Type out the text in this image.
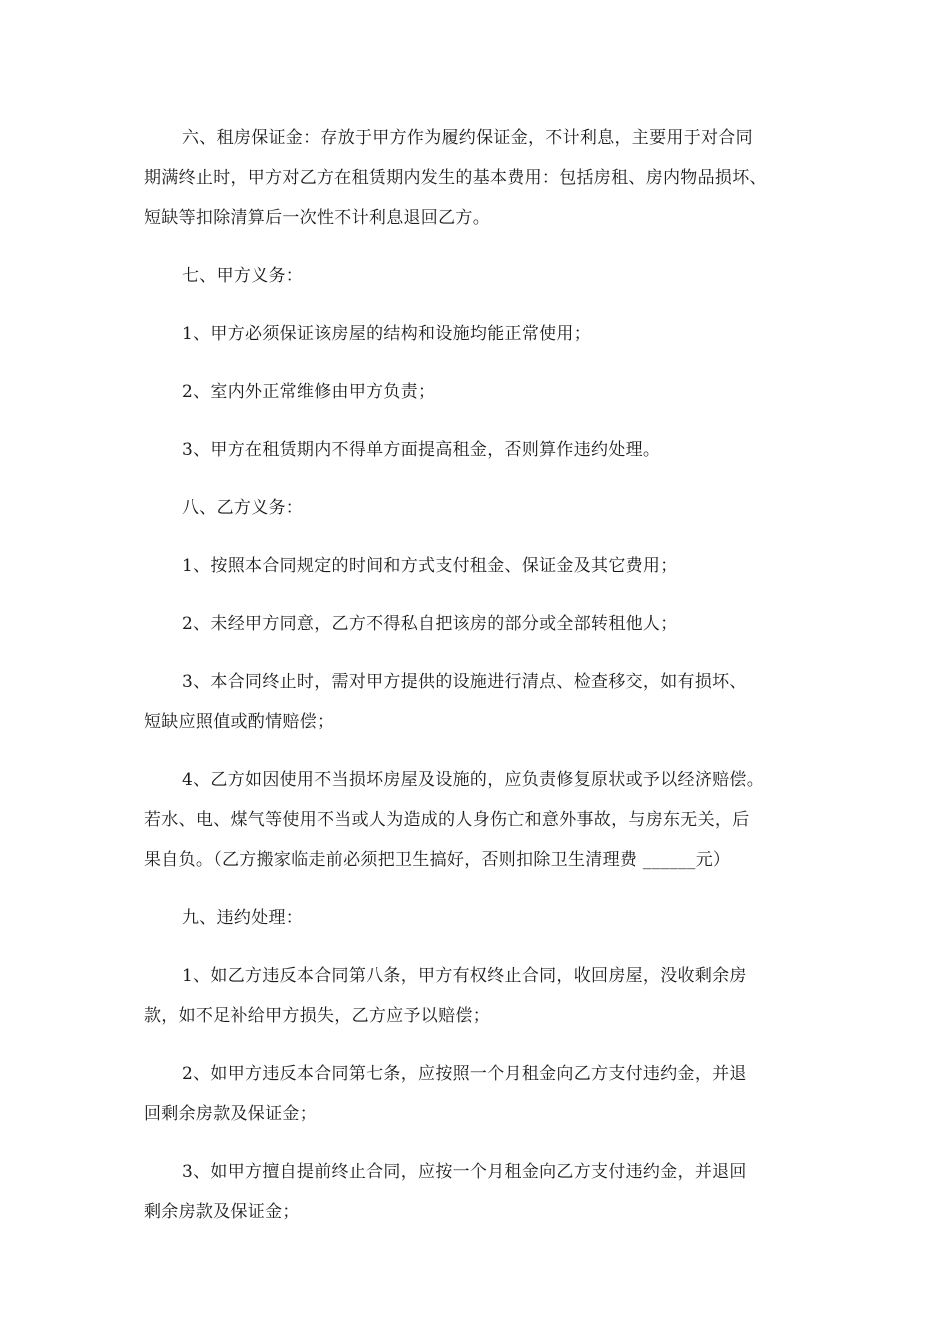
六、租房保证金：存放于甲方作为履约保证金，不计利息，主要用于对合同
期满终止时，甲方对乙方在租赁期内发生的基本费用：包括房租、房内物品损坏、
短缺等扣除清算后一次性不计利息退回乙方。

七、甲方义务：

1、甲方必须保证该房屋的结构和设施均能正常使用；

2、室内外正常维修由甲方负责；

3、甲方在租赁期内不得单方面提高租金，否则算作违约处理。

八、乙方义务：

1、按照本合同规定的时间和方式支付租金、保证金及其它费用；

2、未经甲方同意，乙方不得私自把该房的部分或全部转租他人；

3、本合同终止时，需对甲方提供的设施进行清点、检查移交，如有损坏、
短缺应照值或酌情赔偿；

4、乙方如因使用不当损坏房屋及设施的，应负责修复原状或予以经济赔偿。
若水、电、煤气等使用不当或人为造成的人身伤亡和意外事故，与房东无关，后
果自负。（乙方搬家临走前必须把卫生搞好，否则扣除卫生清理费 ______元）

九、违约处理：

1、如乙方违反本合同第八条，甲方有权终止合同，收回房屋，没收剩余房
款，如不足补给甲方损失，乙方应予以赔偿；

2、如甲方违反本合同第七条，应按照一个月租金向乙方支付违约金，并退
回剩余房款及保证金；

3、如甲方擅自提前终止合同，应按一个月租金向乙方支付违约金，并退回
剩余房款及保证金；
